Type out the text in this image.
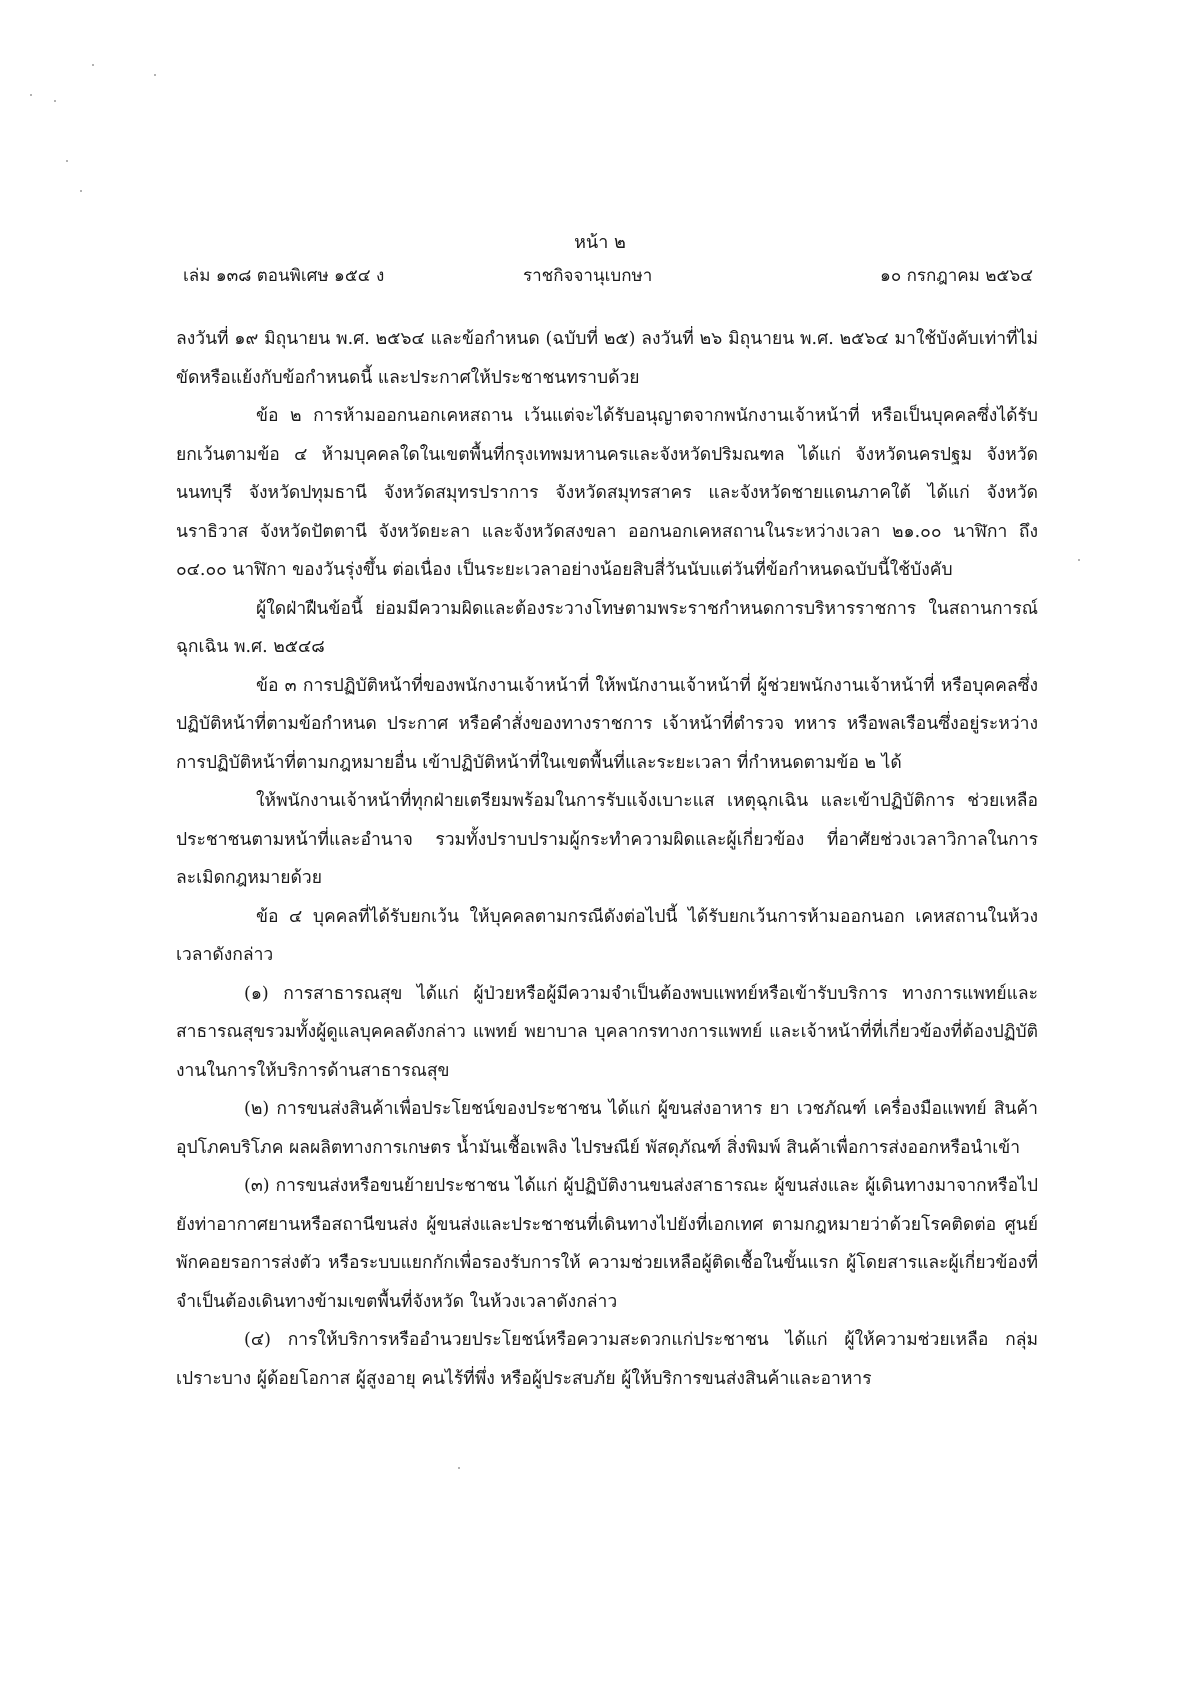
หน้า ๒
เล่ม ๑๓๘ ตอนพิเศษ ๑๕๔ ง	ราชกิจจานุเบกษา	๑๐ กรกฎาคม ๒๕๖๔

ลงวันที่ ๑๙ มิถุนายน พ.ศ. ๒๕๖๔ และข้อกำหนด (ฉบับที่ ๒๕) ลงวันที่ ๒๖ มิถุนายน พ.ศ. ๒๕๖๔ มาใช้บังคับเท่าที่ไม่ขัดหรือแย้งกับข้อกำหนดนี้ และประกาศให้ประชาชนทราบด้วย

ข้อ ๒ การห้ามออกนอกเคหสถาน เว้นแต่จะได้รับอนุญาตจากพนักงานเจ้าหน้าที่ หรือเป็นบุคคลซึ่งได้รับยกเว้นตามข้อ ๔ ห้ามบุคคลใดในเขตพื้นที่กรุงเทพมหานครและจังหวัดปริมณฑล ได้แก่ จังหวัดนครปฐม จังหวัดนนทบุรี จังหวัดปทุมธานี จังหวัดสมุทรปราการ จังหวัดสมุทรสาคร และจังหวัดชายแดนภาคใต้ ได้แก่ จังหวัดนราธิวาส จังหวัดปัตตานี จังหวัดยะลา และจังหวัดสงขลา ออกนอกเคหสถานในระหว่างเวลา ๒๑.๐๐ นาฬิกา ถึง ๐๔.๐๐ นาฬิกา ของวันรุ่งขึ้น ต่อเนื่อง เป็นระยะเวลาอย่างน้อยสิบสี่วันนับแต่วันที่ข้อกำหนดฉบับนี้ใช้บังคับ

ผู้ใดฝ่าฝืนข้อนี้ ย่อมมีความผิดและต้องระวางโทษตามพระราชกำหนดการบริหารราชการ ในสถานการณ์ฉุกเฉิน พ.ศ. ๒๕๔๘

ข้อ ๓ การปฏิบัติหน้าที่ของพนักงานเจ้าหน้าที่ ให้พนักงานเจ้าหน้าที่ ผู้ช่วยพนักงานเจ้าหน้าที่ หรือบุคคลซึ่งปฏิบัติหน้าที่ตามข้อกำหนด ประกาศ หรือคำสั่งของทางราชการ เจ้าหน้าที่ตำรวจ ทหาร หรือพลเรือนซึ่งอยู่ระหว่างการปฏิบัติหน้าที่ตามกฎหมายอื่น เข้าปฏิบัติหน้าที่ในเขตพื้นที่และระยะเวลา ที่กำหนดตามข้อ ๒ ได้

ให้พนักงานเจ้าหน้าที่ทุกฝ่ายเตรียมพร้อมในการรับแจ้งเบาะแส เหตุฉุกเฉิน และเข้าปฏิบัติการ ช่วยเหลือประชาชนตามหน้าที่และอำนาจ รวมทั้งปราบปรามผู้กระทำความผิดและผู้เกี่ยวข้อง ที่อาศัยช่วงเวลาวิกาลในการละเมิดกฎหมายด้วย

ข้อ ๔ บุคคลที่ได้รับยกเว้น ให้บุคคลตามกรณีดังต่อไปนี้ ได้รับยกเว้นการห้ามออกนอก เคหสถานในห้วงเวลาดังกล่าว

(๑) การสาธารณสุข ได้แก่ ผู้ป่วยหรือผู้มีความจำเป็นต้องพบแพทย์หรือเข้ารับบริการ ทางการแพทย์และสาธารณสุขรวมทั้งผู้ดูแลบุคคลดังกล่าว แพทย์ พยาบาล บุคลากรทางการแพทย์ และเจ้าหน้าที่ที่เกี่ยวข้องที่ต้องปฏิบัติงานในการให้บริการด้านสาธารณสุข

(๒) การขนส่งสินค้าเพื่อประโยชน์ของประชาชน ได้แก่ ผู้ขนส่งอาหาร ยา เวชภัณฑ์ เครื่องมือแพทย์ สินค้าอุปโภคบริโภค ผลผลิตทางการเกษตร น้ำมันเชื้อเพลิง ไปรษณีย์ พัสดุภัณฑ์ สิ่งพิมพ์ สินค้าเพื่อการส่งออกหรือนำเข้า

(๓) การขนส่งหรือขนย้ายประชาชน ได้แก่ ผู้ปฏิบัติงานขนส่งสาธารณะ ผู้ขนส่งและ ผู้เดินทางมาจากหรือไปยังท่าอากาศยานหรือสถานีขนส่ง ผู้ขนส่งและประชาชนที่เดินทางไปยังที่เอกเทศ ตามกฎหมายว่าด้วยโรคติดต่อ ศูนย์พักคอยรอการส่งตัว หรือระบบแยกกักเพื่อรองรับการให้ ความช่วยเหลือผู้ติดเชื้อในขั้นแรก ผู้โดยสารและผู้เกี่ยวข้องที่จำเป็นต้องเดินทางข้ามเขตพื้นที่จังหวัด ในห้วงเวลาดังกล่าว

(๔) การให้บริการหรืออำนวยประโยชน์หรือความสะดวกแก่ประชาชน ได้แก่ ผู้ให้ความช่วยเหลือ กลุ่มเปราะบาง ผู้ด้อยโอกาส ผู้สูงอายุ คนไร้ที่พึ่ง หรือผู้ประสบภัย ผู้ให้บริการขนส่งสินค้าและอาหาร
